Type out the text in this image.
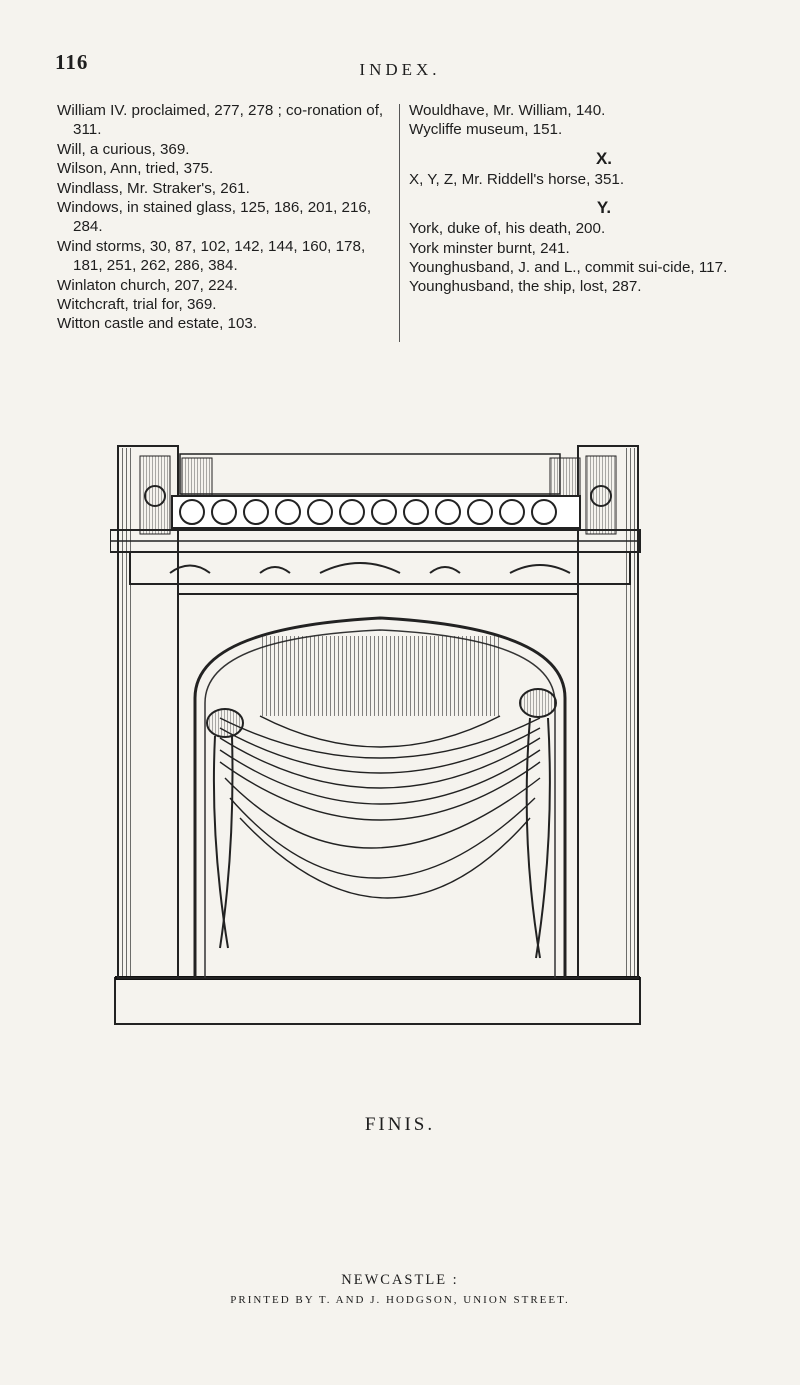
116	INDEX.
William IV. proclaimed, 277, 278 ; co-ronation of, 311.
Will, a curious, 369.
Wilson, Ann, tried, 375.
Windlass, Mr. Straker's, 261.
Windows, in stained glass, 125, 186, 201, 216, 284.
Wind storms, 30, 87, 102, 142, 144, 160, 178, 181, 251, 262, 286, 384.
Winlaton church, 207, 224.
Witchcraft, trial for, 369.
Witton castle and estate, 103.
Wouldhave, Mr. William, 140.
Wycliffe museum, 151.
X.
X, Y, Z, Mr. Riddell's horse, 351.
Y.
York, duke of, his death, 200.
York minster burnt, 241.
Younghusband, J. and L., commit sui-cide, 117.
Younghusband, the ship, lost, 287.
FINIS.
NEWCASTLE :
PRINTED BY T. AND J. HODGSON, UNION STREET.
